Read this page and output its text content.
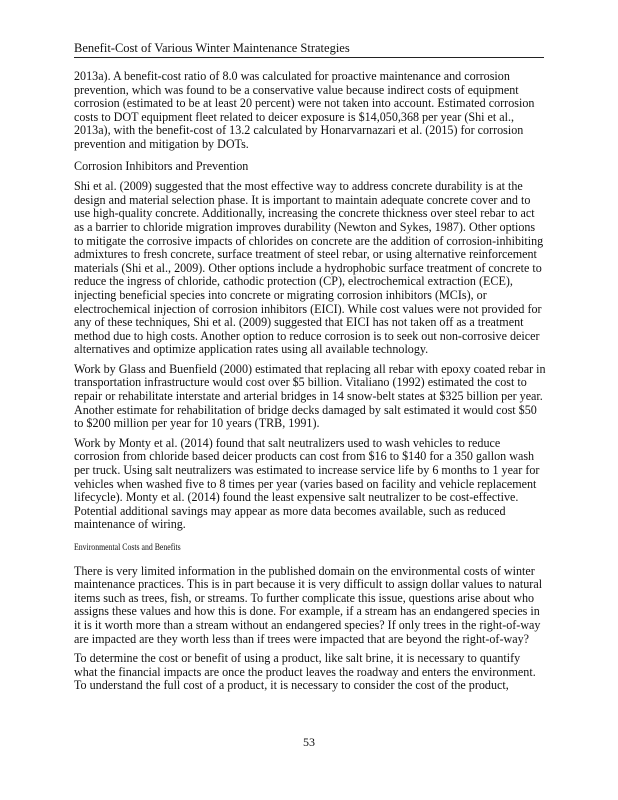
Benefit-Cost of Various Winter Maintenance Strategies

2013a). A benefit-cost ratio of 8.0 was calculated for proactive maintenance and corrosion prevention, which was found to be a conservative value because indirect costs of equipment corrosion (estimated to be at least 20 percent) were not taken into account. Estimated corrosion costs to DOT equipment fleet related to deicer exposure is $14,050,368 per year (Shi et al., 2013a), with the benefit-cost of 13.2 calculated by Honarvarnazari et al. (2015) for corrosion prevention and mitigation by DOTs.

Corrosion Inhibitors and Prevention

Shi et al. (2009) suggested that the most effective way to address concrete durability is at the design and material selection phase. It is important to maintain adequate concrete cover and to use high-quality concrete. Additionally, increasing the concrete thickness over steel rebar to act as a barrier to chloride migration improves durability (Newton and Sykes, 1987). Other options to mitigate the corrosive impacts of chlorides on concrete are the addition of corrosion-inhibiting admixtures to fresh concrete, surface treatment of steel rebar, or using alternative reinforcement materials (Shi et al., 2009). Other options include a hydrophobic surface treatment of concrete to reduce the ingress of chloride, cathodic protection (CP), electrochemical extraction (ECE), injecting beneficial species into concrete or migrating corrosion inhibitors (MCIs), or electrochemical injection of corrosion inhibitors (EICI). While cost values were not provided for any of these techniques, Shi et al. (2009) suggested that EICI has not taken off as a treatment method due to high costs. Another option to reduce corrosion is to seek out non-corrosive deicer alternatives and optimize application rates using all available technology.

Work by Glass and Buenfield (2000) estimated that replacing all rebar with epoxy coated rebar in transportation infrastructure would cost over $5 billion. Vitaliano (1992) estimated the cost to repair or rehabilitate interstate and arterial bridges in 14 snow-belt states at $325 billion per year. Another estimate for rehabilitation of bridge decks damaged by salt estimated it would cost $50 to $200 million per year for 10 years (TRB, 1991).

Work by Monty et al. (2014) found that salt neutralizers used to wash vehicles to reduce corrosion from chloride based deicer products can cost from $16 to $140 for a 350 gallon wash per truck. Using salt neutralizers was estimated to increase service life by 6 months to 1 year for vehicles when washed five to 8 times per year (varies based on facility and vehicle replacement lifecycle). Monty et al. (2014) found the least expensive salt neutralizer to be cost-effective. Potential additional savings may appear as more data becomes available, such as reduced maintenance of wiring.

Environmental Costs and Benefits

There is very limited information in the published domain on the environmental costs of winter maintenance practices. This is in part because it is very difficult to assign dollar values to natural items such as trees, fish, or streams. To further complicate this issue, questions arise about who assigns these values and how this is done. For example, if a stream has an endangered species in it is it worth more than a stream without an endangered species? If only trees in the right-of-way are impacted are they worth less than if trees were impacted that are beyond the right-of-way?

To determine the cost or benefit of using a product, like salt brine, it is necessary to quantify what the financial impacts are once the product leaves the roadway and enters the environment. To understand the full cost of a product, it is necessary to consider the cost of the product,

53
